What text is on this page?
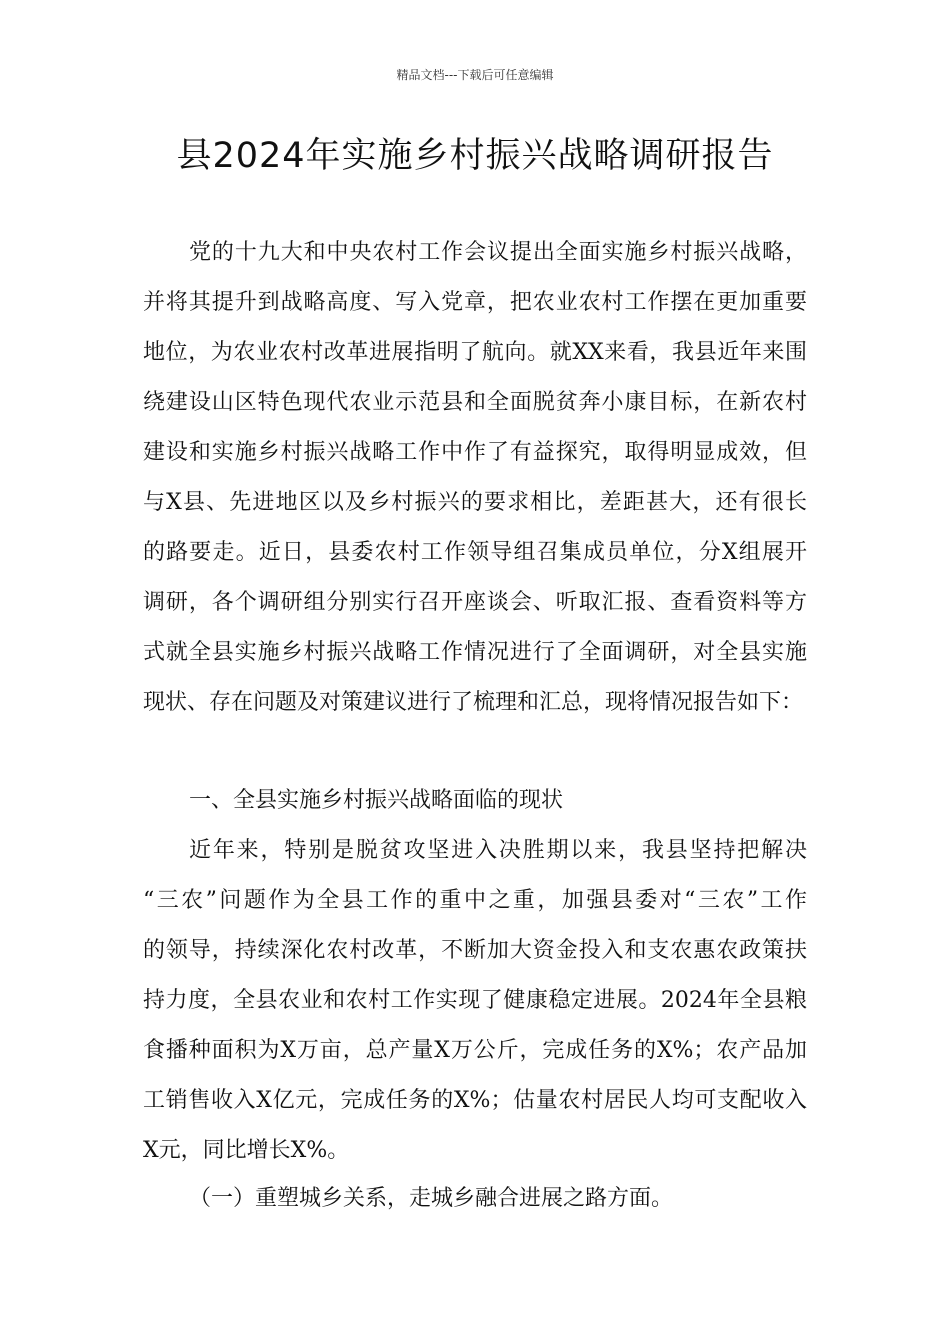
精品文档---下载后可任意编辑
县2024年实施乡村振兴战略调研报告
党的十九大和中央农村工作会议提出全面实施乡村振兴战略，
并将其提升到战略高度、写入党章，把农业农村工作摆在更加重要
地位，为农业农村改革进展指明了航向。就XX来看，我县近年来围
绕建设山区特色现代农业示范县和全面脱贫奔小康目标，在新农村
建设和实施乡村振兴战略工作中作了有益探究，取得明显成效，但
与X县、先进地区以及乡村振兴的要求相比，差距甚大，还有很长
的路要走。近日，县委农村工作领导组召集成员单位，分X组展开
调研，各个调研组分别实行召开座谈会、听取汇报、查看资料等方
式就全县实施乡村振兴战略工作情况进行了全面调研，对全县实施
现状、存在问题及对策建议进行了梳理和汇总，现将情况报告如下：
一、全县实施乡村振兴战略面临的现状
近年来，特别是脱贫攻坚进入决胜期以来，我县坚持把解决
“三农”问题作为全县工作的重中之重，加强县委对“三农”工作
的领导，持续深化农村改革，不断加大资金投入和支农惠农政策扶
持力度，全县农业和农村工作实现了健康稳定进展。2024年全县粮
食播种面积为X万亩，总产量X万公斤，完成任务的X%；农产品加
工销售收入X亿元，完成任务的X%；估量农村居民人均可支配收入
X元，同比增长X%。
（一）重塑城乡关系，走城乡融合进展之路方面。
